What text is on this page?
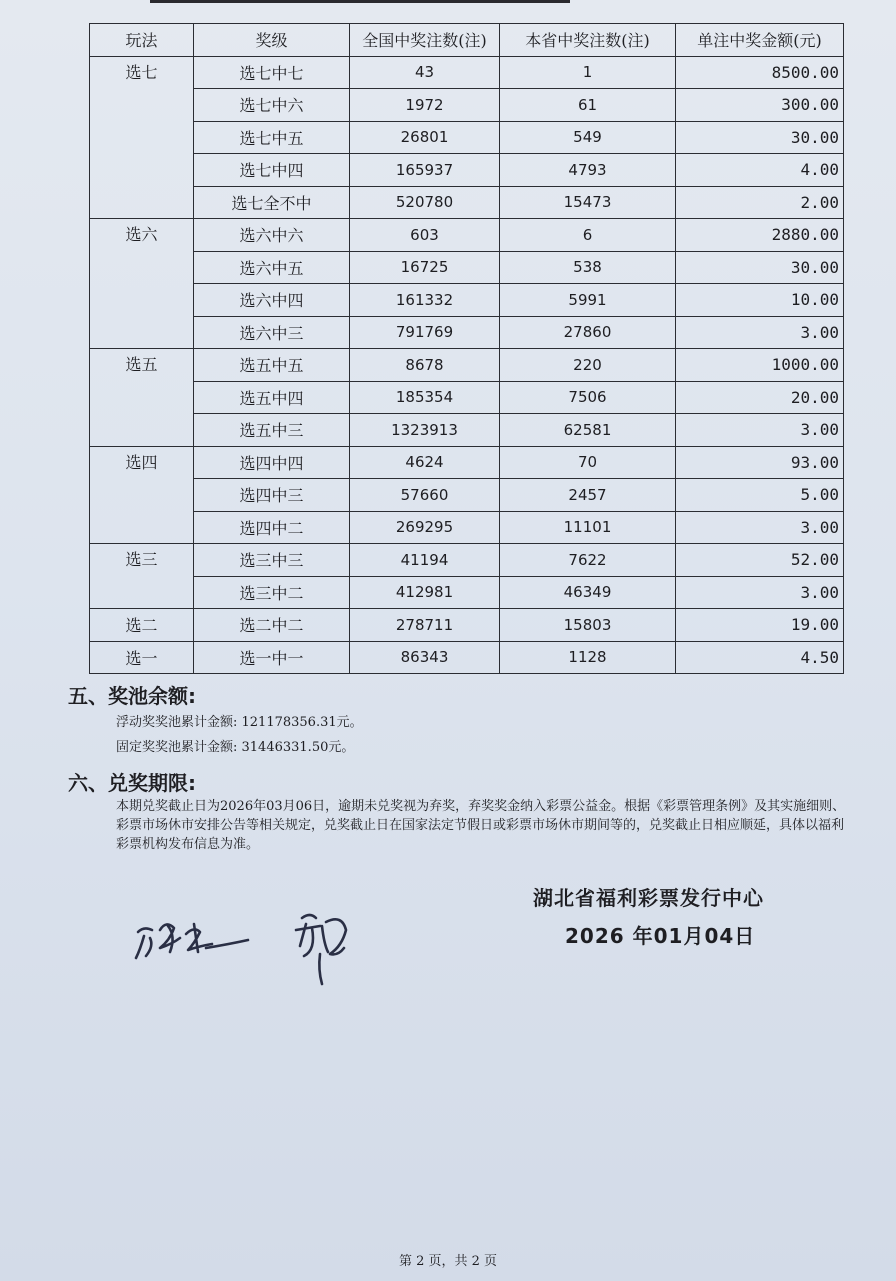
玩法	奖级	全国中奖注数(注)	本省中奖注数(注)	单注中奖金额(元)
选七	选七中七	43	1	8500.00
	选七中六	1972	61	300.00
	选七中五	26801	549	30.00
	选七中四	165937	4793	4.00
	选七全不中	520780	15473	2.00
选六	选六中六	603	6	2880.00
	选六中五	16725	538	30.00
	选六中四	161332	5991	10.00
	选六中三	791769	27860	3.00
选五	选五中五	8678	220	1000.00
	选五中四	185354	7506	20.00
	选五中三	1323913	62581	3.00
选四	选四中四	4624	70	93.00
	选四中三	57660	2457	5.00
	选四中二	269295	11101	3.00
选三	选三中三	41194	7622	52.00
	选三中二	412981	46349	3.00
选二	选二中二	278711	15803	19.00
选一	选一中一	86343	1128	4.50
五、奖池余额:
浮动奖奖池累计金额: 121178356.31元。
固定奖奖池累计金额: 31446331.50元。
六、兑奖期限:
本期兑奖截止日为2026年03月06日，逾期未兑奖视为弃奖，弃奖奖金纳入彩票公益金。根据《彩票管理条例》及其实施细则、彩票市场休市安排公告等相关规定，兑奖截止日在国家法定节假日或彩票市场休市期间等的，兑奖截止日相应顺延，具体以福利彩票机构发布信息为准。
湖北省福利彩票发行中心
2026 年01月04日
第 2 页，共 2 页
